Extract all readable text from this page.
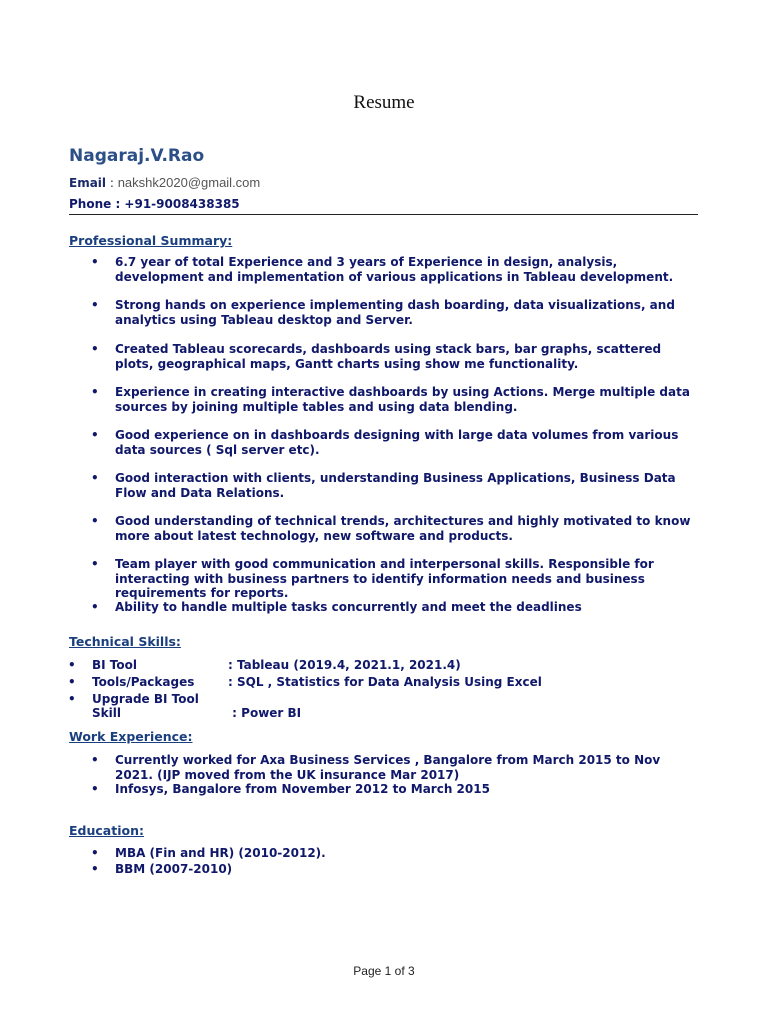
Resume
Nagaraj.V.Rao
Email : nakshk2020@gmail.com
Phone : +91-9008438385
Professional Summary:
• 6.7 year of total Experience and 3 years of Experience in design, analysis, development and implementation of various applications in Tableau development.
• Strong hands on experience implementing dash boarding, data visualizations, and analytics using Tableau desktop and Server.
• Created Tableau scorecards, dashboards using stack bars, bar graphs, scattered plots, geographical maps, Gantt charts using show me functionality.
• Experience in creating interactive dashboards by using Actions. Merge multiple data sources by joining multiple tables and using data blending.
• Good experience on in dashboards designing with large data volumes from various data sources ( Sql server etc).
• Good interaction with clients, understanding Business Applications, Business Data Flow and Data Relations.
• Good understanding of technical trends, architectures and highly motivated to know more about latest technology, new software and products.
• Team player with good communication and interpersonal skills. Responsible for interacting with business partners to identify information needs and business requirements for reports.
• Ability to handle multiple tasks concurrently and meet the deadlines
Technical Skills:
• BI Tool	: Tableau (2019.4, 2021.1, 2021.4)
• Tools/Packages	: SQL , Statistics for Data Analysis Using Excel
• Upgrade BI Tool Skill	: Power BI
Work Experience:
• Currently worked for Axa Business Services , Bangalore from March 2015 to Nov 2021. (IJP moved from the UK insurance Mar 2017)
• Infosys, Bangalore from November 2012 to March 2015
Education:
• MBA (Fin and HR) (2010-2012).
• BBM (2007-2010)
Page 1 of 3
